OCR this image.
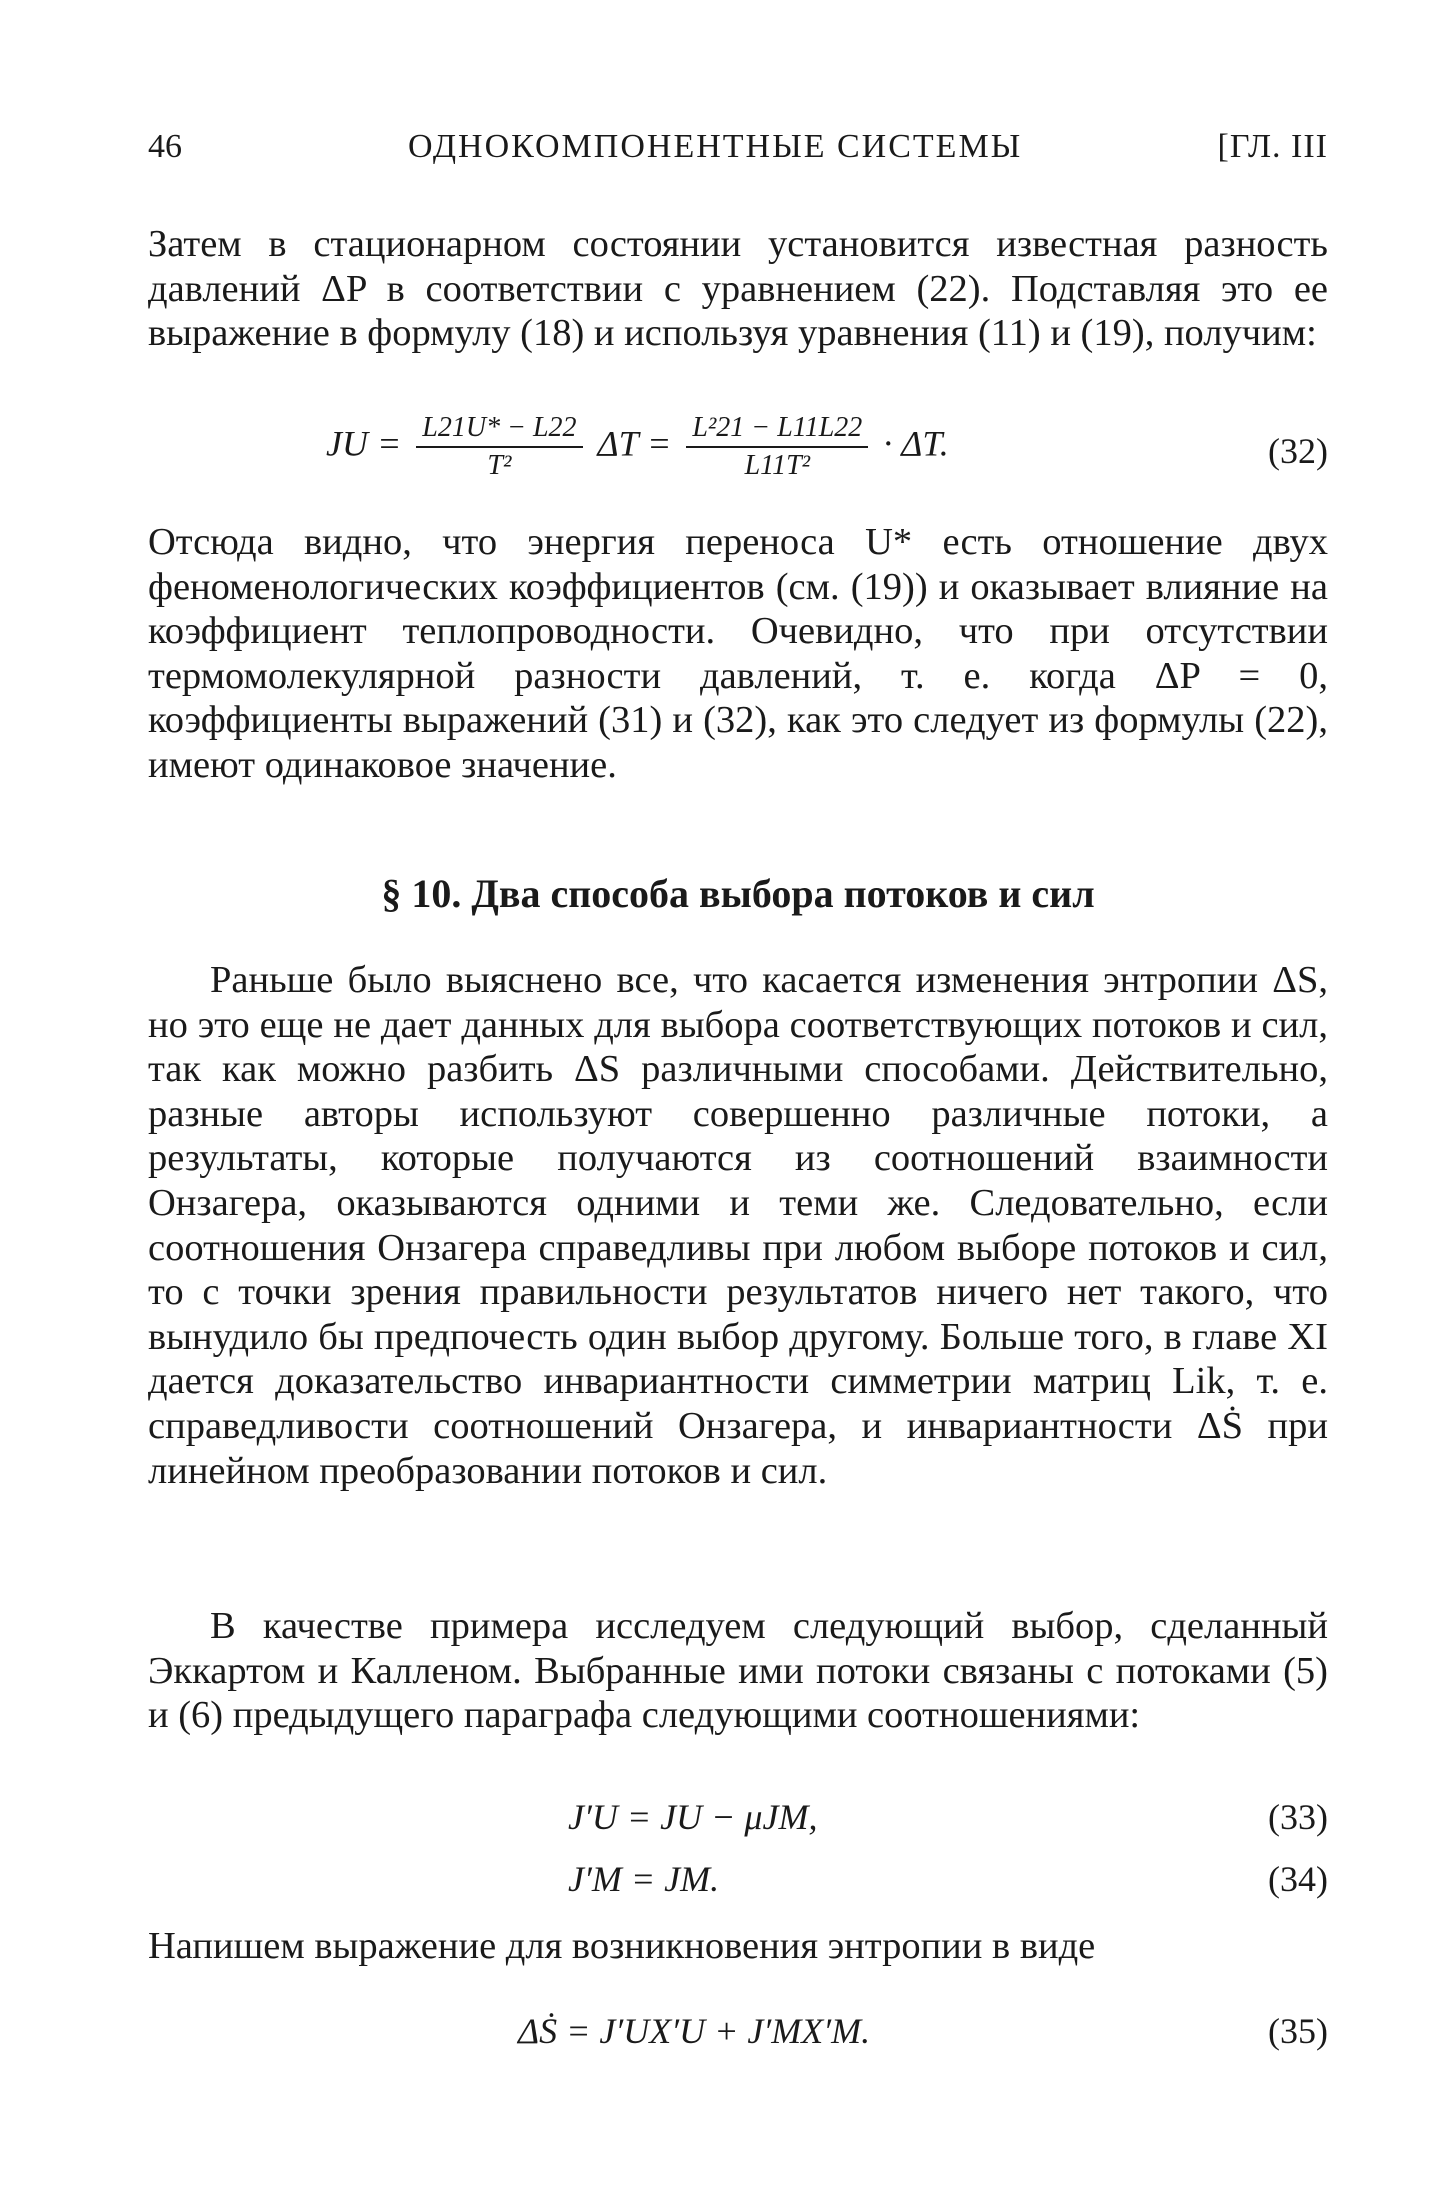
46	ОДНОКОМПОНЕНТНЫЕ СИСТЕМЫ	[ГЛ. III

Затем в стационарном состоянии установится известная разность давлений ΔP в соответствии с уравнением (22). Подставляя это ее выражение в формулу (18) и используя уравнения (11) и (19), получим:

JU = $\frac{L21U* - L22}{\text{T²}}$ $\Delta T = \frac{\text{L²21 − L11L22}}{\text{L11T²}} \cdot \Delta T$.	(32)

Отсюда видно, что энергия переноса U* есть отношение двух феноменологических коэффициентов (см. (19)) и оказывает влияние на коэффициент теплопроводности. Очевидно, что при отсутствии термомолекулярной разности давлений, т. е. когда ΔP = 0, коэффициенты выражений (31) и (32), как это следует из формулы (22), имеют одинаковое значение.

§ 10. Два способа выбора потоков и сил

Раньше было выяснено все, что касается изменения энтропии ΔS, но это еще не дает данных для выбора соответствующих потоков и сил, так как можно разбить ΔS различными способами. Действительно, разные авторы используют совершенно различные потоки, а результаты, которые получаются из соотношений взаимности Онзагера, оказываются одними и теми же. Следовательно, если соотношения Онзагера справедливы при любом выборе потоков и сил, то с точки зрения правильности результатов ничего нет такого, что вынудило бы предпочесть один выбор другому. Больше того, в главе XI дается доказательство инвариантности симметрии матриц Lik, т. е. справедливости соотношений Онзагера, и инвариантности ΔṠ при линейном преобразовании потоков и сил.

В качестве примера исследуем следующий выбор, сделанный Эккартом и Калленом. Выбранные ими потоки связаны с потоками (5) и (6) предыдущего параграфа следующими соотношениями:

J′U = JU − μJM,	(33)
J′M = JM.	(34)

Напишем выражение для возникновения энтропии в виде

ΔṠ = J′UX′U + J′MX′M.	(35)
